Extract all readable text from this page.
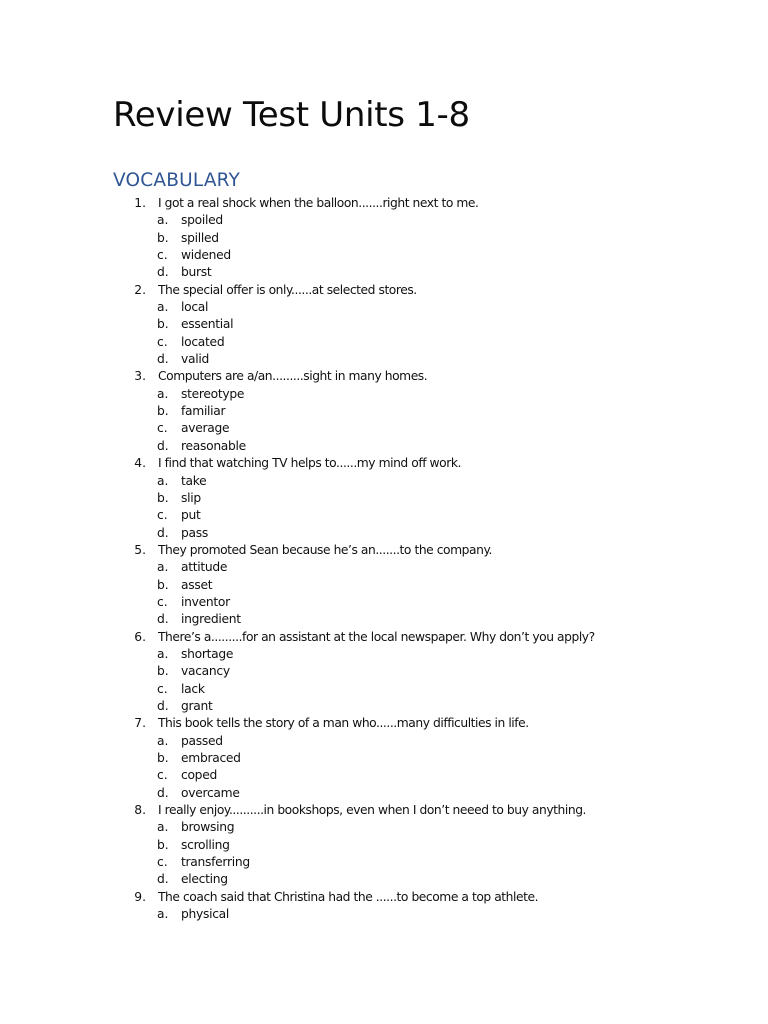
Review Test Units 1-8
VOCABULARY
1. I got a real shock when the balloon.......right next to me.
a. spoiled
b. spilled
c. widened
d. burst
2. The special offer is only......at selected stores.
a. local
b. essential
c. located
d. valid
3. Computers are a/an.........sight in many homes.
a. stereotype
b. familiar
c. average
d. reasonable
4. I find that watching TV helps to......my mind off work.
a. take
b. slip
c. put
d. pass
5. They promoted Sean because he’s an.......to the company.
a. attitude
b. asset
c. inventor
d. ingredient
6. There’s a.........for an assistant at the local newspaper. Why don’t you apply?
a. shortage
b. vacancy
c. lack
d. grant
7. This book tells the story of a man who......many difficulties in life.
a. passed
b. embraced
c. coped
d. overcame
8. I really enjoy..........in bookshops, even when I don’t neeed to buy anything.
a. browsing
b. scrolling
c. transferring
d. electing
9. The coach said that Christina had the ......to become a top athlete.
a. physical
